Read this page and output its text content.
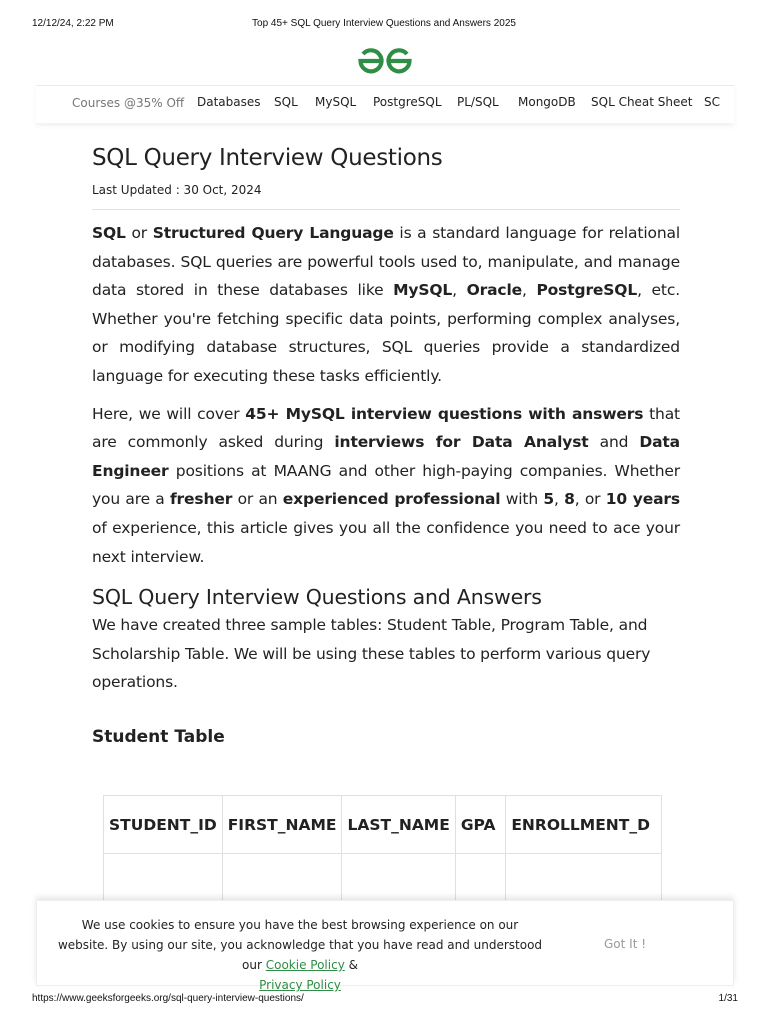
12/12/24, 2:22 PM	Top 45+ SQL Query Interview Questions and Answers 2025
Courses @35% Off Databases SQL MySQL PostgreSQL PL/SQL MongoDB SQL Cheat Sheet SC
SQL Query Interview Questions
Last Updated : 30 Oct, 2024

SQL or Structured Query Language is a standard language for relational databases. SQL queries are powerful tools used to, manipulate, and manage data stored in these databases like MySQL, Oracle, PostgreSQL, etc. Whether you're fetching specific data points, performing complex analyses, or modifying database structures, SQL queries provide a standardized language for executing these tasks efficiently.

Here, we will cover 45+ MySQL interview questions with answers that are commonly asked during interviews for Data Analyst and Data Engineer positions at MAANG and other high-paying companies. Whether you are a fresher or an experienced professional with 5, 8, or 10 years of experience, this article gives you all the confidence you need to ace your next interview.

SQL Query Interview Questions and Answers

We have created three sample tables: Student Table, Program Table, and Scholarship Table. We will be using these tables to perform various query operations.

Student Table
STUDENT_ID	FIRST_NAME	LAST_NAME	GPA	ENROLLMENT_D

We use cookies to ensure you have the best browsing experience on our website. By using our site, you acknowledge that you have read and understood our Cookie Policy &
Privacy Policy
Got It !
https://www.geeksforgeeks.org/sql-query-interview-questions/	1/31
